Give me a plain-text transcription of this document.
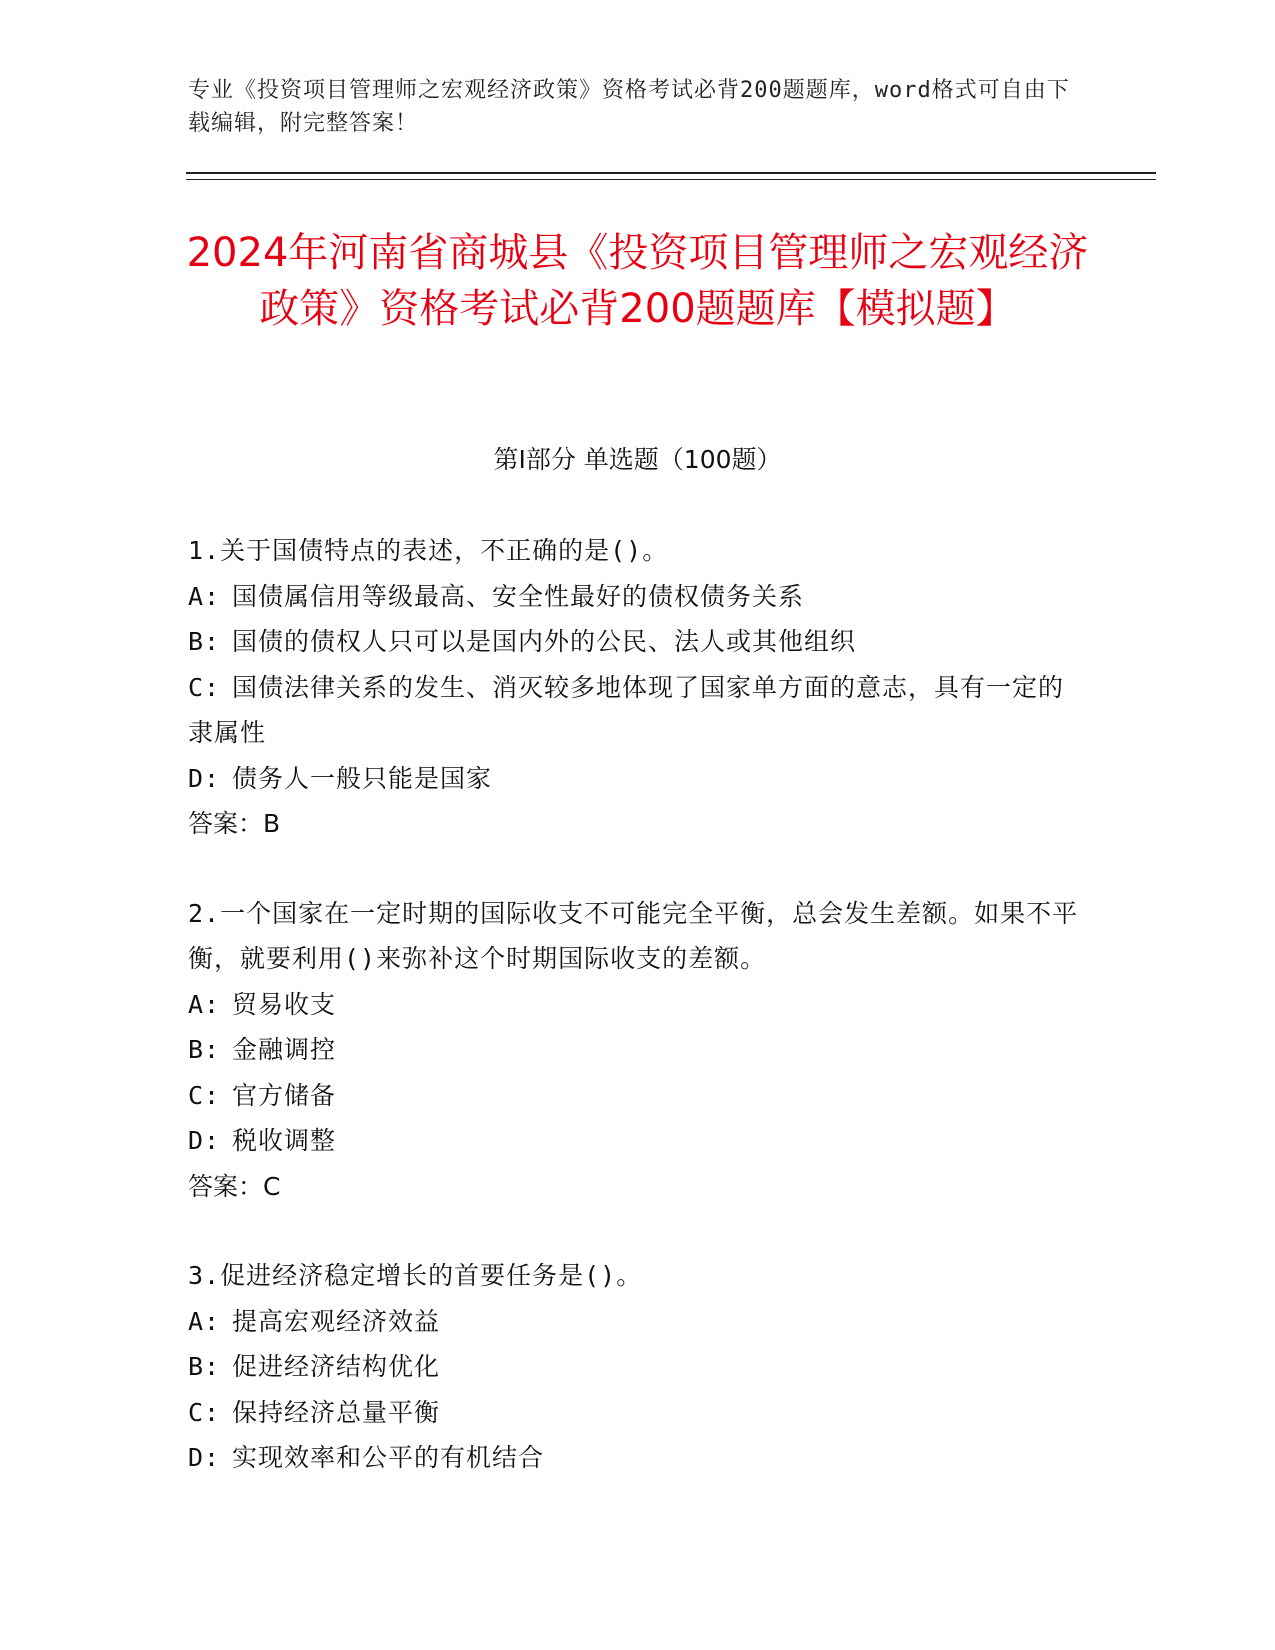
专业《投资项目管理师之宏观经济政策》资格考试必背200题题库，word格式可自由下载编辑，附完整答案！
2024年河南省商城县《投资项目管理师之宏观经济政策》资格考试必背200题题库【模拟题】
第I部分 单选题（100题）
1.关于国债特点的表述，不正确的是()。
A: 国债属信用等级最高、安全性最好的债权债务关系
B: 国债的债权人只可以是国内外的公民、法人或其他组织
C: 国债法律关系的发生、消灭较多地体现了国家单方面的意志，具有一定的隶属性
D: 债务人一般只能是国家
答案：B
2.一个国家在一定时期的国际收支不可能完全平衡，总会发生差额。如果不平衡，就要利用()来弥补这个时期国际收支的差额。
A: 贸易收支
B: 金融调控
C: 官方储备
D: 税收调整
答案：C
3.促进经济稳定增长的首要任务是()。
A: 提高宏观经济效益
B: 促进经济结构优化
C: 保持经济总量平衡
D: 实现效率和公平的有机结合
